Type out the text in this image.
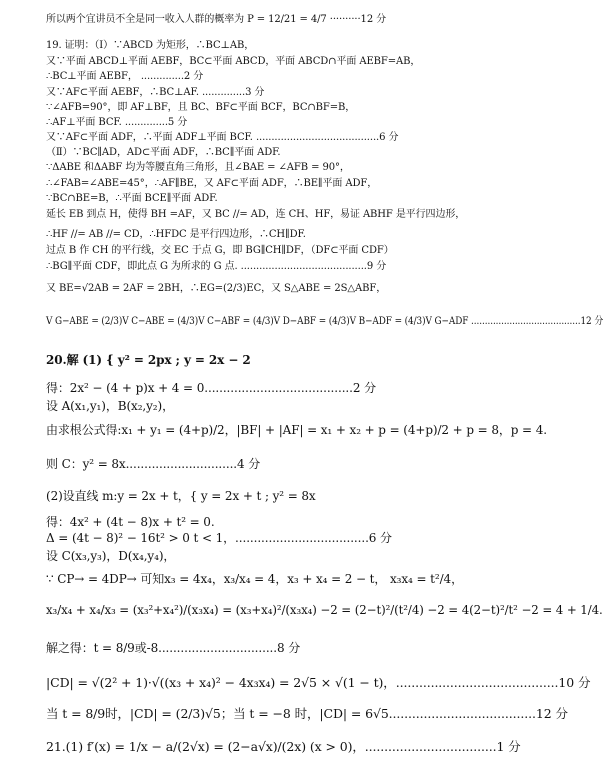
所以两个宜讲员不全是同一收入人群的概率为 P = 12/21 = 4/7 ··········12 分
19. 证明：（Ⅰ）∵ABCD 为矩形，∴BC⊥AB，
又∵平面 ABCD⊥平面 AEBF，BC⊂平面 ABCD，平面 ABCD∩平面 AEBF=AB，
∴BC⊥平面 AEBF， ..............2 分
又∵AF⊂平面 AEBF，∴BC⊥AF. ..............3 分
∵∠AFB=90°，即 AF⊥BF，且 BC、BF⊂平面 BCF，BC∩BF=B，
∴AF⊥平面 BCF. ..............5 分
又∵AF⊂平面 ADF，∴平面 ADF⊥平面 BCF. ........................................6 分
（Ⅱ）∵BC∥AD，AD⊂平面 ADF，∴BC∥平面 ADF.
∵ΔABE 和ΔABF 均为等腰直角三角形，且∠BAE = ∠AFB = 90°，
∴∠FAB=∠ABE=45°，∴AF∥BE，又 AF⊂平面 ADF，∴BE∥平面 ADF，
∵BC∩BE=B，∴平面 BCE∥平面 ADF.
延长 EB 到点 H，使得 BH =AF，又 BC //= AD，连 CH、HF，易证 ABHF 是平行四边形，
∴HF //= AB //= CD，∴HFDC 是平行四边形，∴CH∥DF.
过点 B 作 CH 的平行线，交 EC 于点 G，即 BG∥CH∥DF，（DF⊂平面 CDF）
∴BG∥平面 CDF，即此点 G 为所求的 G 点. .........................................9 分
又 BE=√2AB = 2AF = 2BH，∴EG=(2/3)EC，又 S△ABE = 2S△ABF，
V G−ABE = (2/3)V C−ABE = (4/3)V C−ABF = (4/3)V D−ABF = (4/3)V B−ADF = (4/3)V G−ADF ........................................12 分
20.解 (1) { y² = 2px ; y = 2x − 2
得：2x² − (4 + p)x + 4 = 0........................................2 分
设 A(x₁,y₁)，B(x₂,y₂)，
由求根公式得:x₁ + y₁ = (4+p)/2，|BF| + |AF| = x₁ + x₂ + p = (4+p)/2 + p = 8，p = 4.
则 C：y² = 8x..............................4 分
(2)设直线 m:y = 2x + t，{ y = 2x + t ; y² = 8x
得：4x² + (4t − 8)x + t² = 0.
Δ = (4t − 8)² − 16t² > 0 t < 1，....................................6 分
设 C(x₃,y₃)，D(x₄,y₄)，
∵ CP→ = 4DP→ 可知x₃ = 4x₄，x₃/x₄ = 4，x₃ + x₄ = 2 − t， x₃x₄ = t²/4，
x₃/x₄ + x₄/x₃ = (x₃²+x₄²)/(x₃x₄) = (x₃+x₄)²/(x₃x₄) −2 = (2−t)²/(t²/4) −2 = 4(2−t)²/t² −2 = 4 + 1/4.
解之得：t = 8/9或-8................................8 分
|CD| = √(2² + 1)·√((x₃ + x₄)² − 4x₃x₄) = 2√5 × √(1 − t)，..........................................10 分
当 t = 8/9时，|CD| = (2/3)√5；当 t = −8 时，|CD| = 6√5......................................12 分
21.(1) f′(x) = 1/x − a/(2√x) = (2−a√x)/(2x) (x > 0)，..................................1 分
